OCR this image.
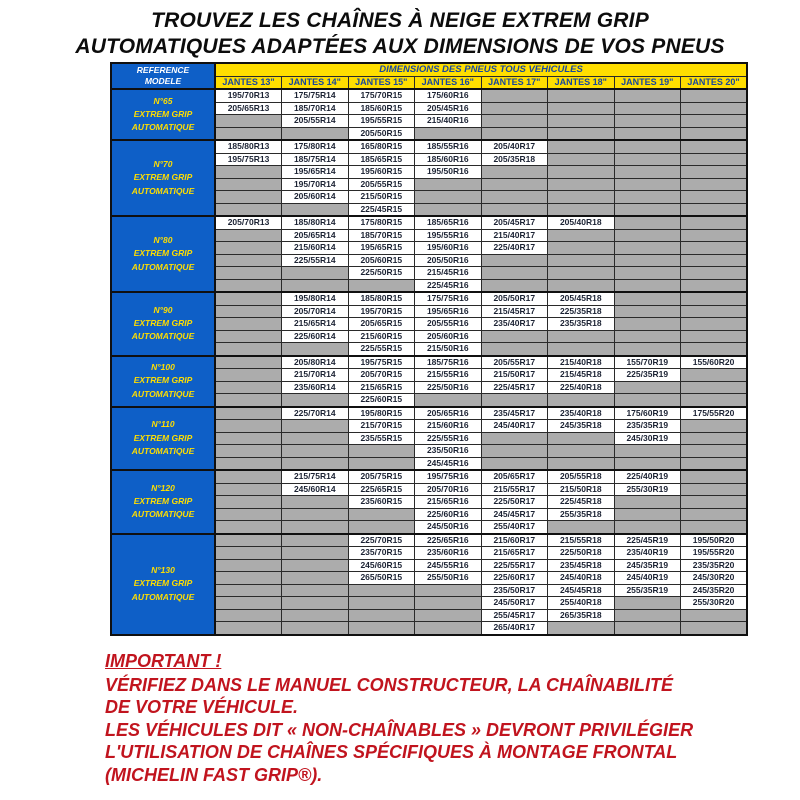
TROUVEZ LES CHAÎNES À NEIGE EXTREM GRIP
AUTOMATIQUES ADAPTÉES AUX DIMENSIONS DE VOS PNEUS
REFERENCE
MODELE	DIMENSIONS DES PNEUS TOUS VEHICULES							
	JANTES 13"	JANTES 14"	JANTES 15"	JANTES 16"	JANTES 17"	JANTES 18"	JANTES 19"	JANTES 20"

N°65
EXTREM GRIP
AUTOMATIQUE	195/70R13	175/75R14	175/70R15	175/60R16				
	205/65R13	185/70R14	185/60R15	205/45R16				
		205/55R14	195/55R15	215/40R16				
			205/50R15					

N°70
EXTREM GRIP
AUTOMATIQUE	185/80R13	175/80R14	165/80R15	185/55R16	205/40R17			
	195/75R13	185/75R14	185/65R15	185/60R16	205/35R18			
		195/65R14	195/60R15	195/50R16				
		195/70R14	205/55R15					
		205/60R14	215/50R15					
			225/45R15					

N°80
EXTREM GRIP
AUTOMATIQUE	205/70R13	185/80R14	175/80R15	185/65R16	205/45R17	205/40R18		
		205/65R14	185/70R15	195/55R16	215/40R17			
		215/60R14	195/65R15	195/60R16	225/40R17			
		225/55R14	205/60R15	205/50R16				
			225/50R15	215/45R16				
				225/45R16				

N°90
EXTREM GRIP
AUTOMATIQUE		195/80R14	185/80R15	175/75R16	205/50R17	205/45R18		
		205/70R14	195/70R15	195/65R16	215/45R17	225/35R18		
		215/65R14	205/65R15	205/55R16	235/40R17	235/35R18		
		225/60R14	215/60R15	205/60R16				
			225/55R15	215/50R16				

N°100
EXTREM GRIP
AUTOMATIQUE		205/80R14	195/75R15	185/75R16	205/55R17	215/40R18	155/70R19	155/60R20
		215/70R14	205/70R15	215/55R16	215/50R17	215/45R18	225/35R19	
		235/60R14	215/65R15	225/50R16	225/45R17	225/40R18		
			225/60R15					

N°110
EXTREM GRIP
AUTOMATIQUE		225/70R14	195/80R15	205/65R16	235/45R17	235/40R18	175/60R19	175/55R20
			215/70R15	215/60R16	245/40R17	245/35R18	235/35R19	
			235/55R15	225/55R16			245/30R19	
				235/50R16				
				245/45R16				

N°120
EXTREM GRIP
AUTOMATIQUE		215/75R14	205/75R15	195/75R16	205/65R17	205/55R18	225/40R19	
		245/60R14	225/65R15	205/70R16	215/55R17	215/50R18	255/30R19	
			235/60R15	215/65R16	225/50R17	225/45R18		
				225/60R16	245/45R17	255/35R18		
				245/50R16	255/40R17			

N°130
EXTREM GRIP
AUTOMATIQUE			225/70R15	225/65R16	215/60R17	215/55R18	225/45R19	195/50R20
			235/70R15	235/60R16	215/65R17	225/50R18	235/40R19	195/55R20
			245/60R15	245/55R16	225/55R17	235/45R18	245/35R19	235/35R20
			265/50R15	255/50R16	225/60R17	245/40R18	245/40R19	245/30R20
					235/50R17	245/45R18	255/35R19	245/35R20
					245/50R17	255/40R18		255/30R20
					255/45R17	265/35R18		
					265/40R17			
IMPORTANT !
VÉRIFIEZ DANS LE MANUEL CONSTRUCTEUR, LA CHAÎNABILITÉ
DE VOTRE VÉHICULE.
LES VÉHICULES DIT « NON-CHAÎNABLES » DEVRONT PRIVILÉGIER
L'UTILISATION DE CHAÎNES SPÉCIFIQUES À MONTAGE FRONTAL
(MICHELIN FAST GRIP®).
